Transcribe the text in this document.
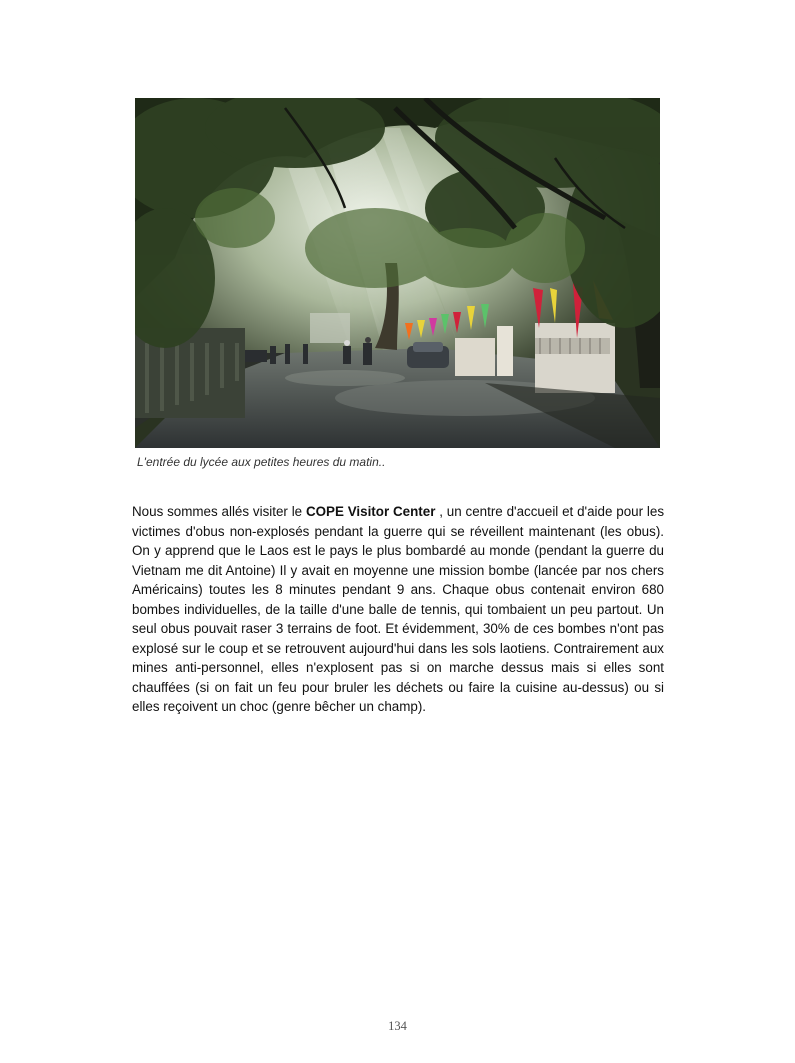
L'entrée du lycée aux petites heures du matin..
Nous sommes allés visiter le COPE Visitor Center , un centre d'accueil et d'aide pour les victimes d'obus non-explosés pendant la guerre qui se réveillent maintenant (les obus). On y apprend que le Laos est le pays le plus bombardé au monde (pendant la guerre du Vietnam me dit Antoine) Il y avait en moyenne une mission bombe (lancée par nos chers Américains) toutes les 8 minutes pendant 9 ans. Chaque obus contenait environ 680 bombes individuelles, de la taille d'une balle de tennis, qui tombaient un peu partout. Un seul obus pouvait raser 3 terrains de foot. Et évidemment, 30% de ces bombes n'ont pas explosé sur le coup et se retrouvent aujourd'hui dans les sols laotiens. Contrairement aux mines anti-personnel, elles n'explosent pas si on marche dessus mais si elles sont chauffées (si on fait un feu pour bruler les déchets ou faire la cuisine au-dessus) ou si elles reçoivent un choc (genre bêcher un champ).
134
